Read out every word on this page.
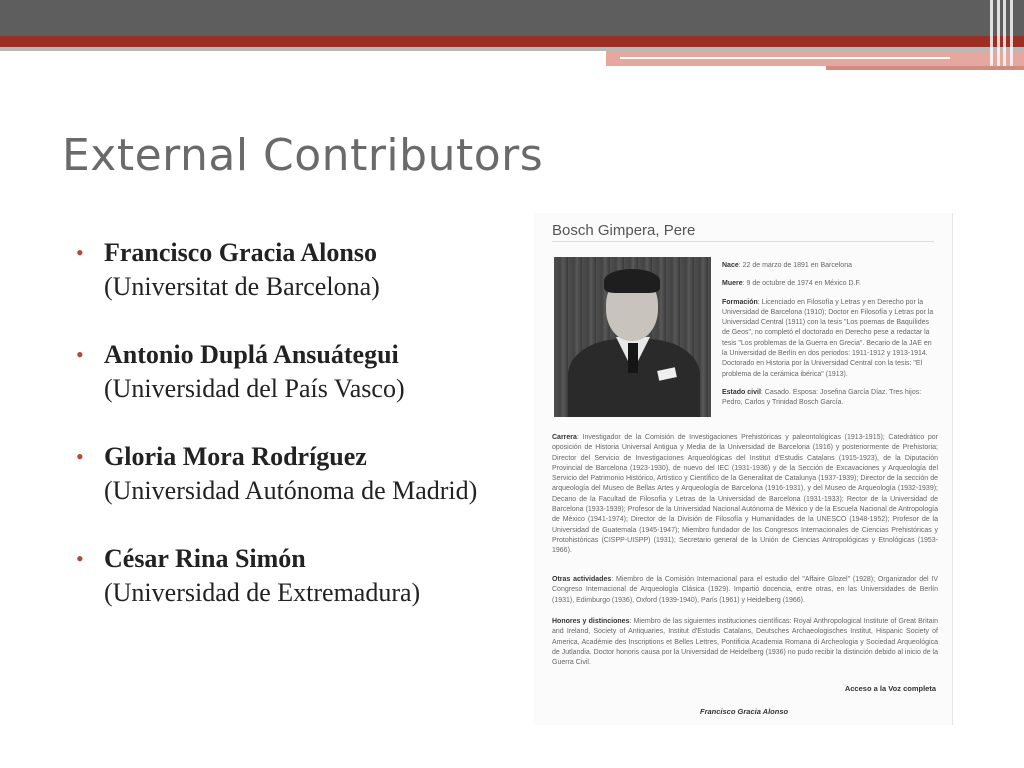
External Contributors
• Francisco Gracia Alonso
(Universitat de Barcelona)
• Antonio Duplá Ansuátegui
(Universidad del País Vasco)
• Gloria Mora Rodríguez
(Universidad Autónoma de Madrid)
• César Rina Simón
(Universidad de Extremadura)
Bosch Gimpera, Pere

Nace: 22 de marzo de 1891 en Barcelona

Muere: 9 de octubre de 1974 en México D.F.

Formación: Licenciado en Filosofía y Letras y en Derecho por la Universidad de Barcelona (1910); Doctor en Filosofía y Letras por la Universidad Central (1911) con la tesis "Los poemas de Baquílides de Geos", no completó el doctorado en Derecho pese a redactar la tesis "Los problemas de la Guerra en Grecia". Becario de la JAE en la Universidad de Berlín en dos periodos: 1911-1912 y 1913-1914. Doctorado en Historia por la Universidad Central con la tesis: "El problema de la cerámica ibérica" (1913).

Estado civil: Casado. Esposa: Josefina García Díaz. Tres hijos: Pedro, Carlos y Trinidad Bosch García.

Carrera: Investigador de la Comisión de Investigaciones Prehistóricas y paleontológicas (1913-1915); Catedrático por oposición de Historia Universal Antigua y Media de la Universidad de Barcelona (1916) y posteriormente de Prehistoria; Director del Servicio de Investigaciones Arqueológicas del Institut d'Estudis Catalans (1915-1923), de la Diputación Provincial de Barcelona (1923-1930), de nuevo del IEC (1931-1936) y de la Sección de Excavaciones y Arqueología del Servicio del Patrimonio Histórico, Artístico y Científico de la Generalitat de Catalunya (1937-1939); Director de la sección de arqueología del Museo de Bellas Artes y Arqueología de Barcelona (1916-1931), y del Museo de Arqueología (1932-1939); Decano de la Facultad de Filosofía y Letras de la Universidad de Barcelona (1931-1933); Rector de la Universidad de Barcelona (1933-1939); Profesor de la Universidad Nacional Autónoma de México y de la Escuela Nacional de Antropología de México (1941-1974); Director de la División de Filosofía y Humanidades de la UNESCO (1948-1952); Profesor de la Universidad de Guatemala (1945-1947); Miembro fundador de los Congresos Internacionales de Ciencias Prehistóricas y Protohistóricas (CISPP-UISPP) (1931); Secretario general de la Unión de Ciencias Antropológicas y Etnológicas (1953-1966).
Otras actividades: Miembro de la Comisión Internacional para el estudio del "Affaire Glozel" (1928); Organizador del IV Congreso Internacional de Arqueología Clásica (1929). Impartió docencia, entre otras, en las Universidades de Berlín (1931), Edimburgo (1936), Oxford (1939-1940), París (1961) y Heidelberg (1966).
Honores y distinciones: Miembro de las siguientes instituciones científicas: Royal Anthropological Institute of Great Britain and Ireland, Society of Antiquaries, Institut d'Estudis Catalans, Deutsches Archaeologisches Institut, Hispanic Society of America, Académie des Inscriptions et Belles Lettres, Pontificia Academia Romana di Archeologia y Sociedad Arqueológica de Jutlandia. Doctor honoris causa por la Universidad de Heidelberg (1936) no pudo recibir la distinción debido al inicio de la Guerra Civil.
Acceso a la Voz completa
Francisco Gracia Alonso
